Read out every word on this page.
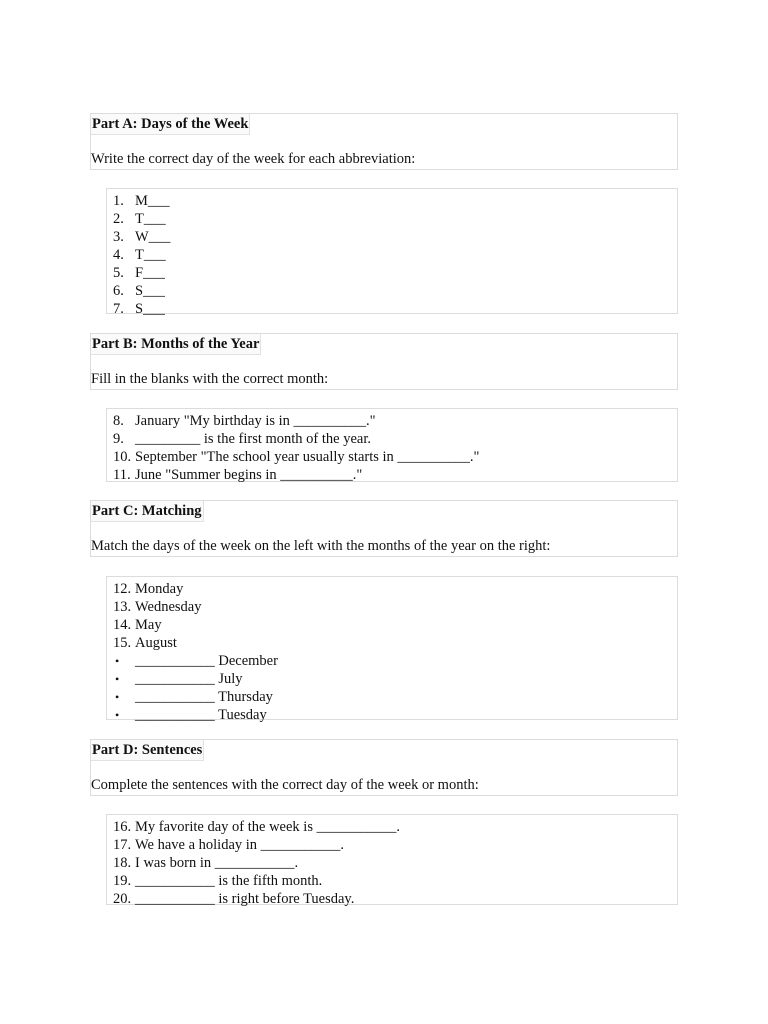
Part A: Days of the Week
Write the correct day of the week for each abbreviation:
1. M___
2. T___
3. W___
4. T___
5. F___
6. S___
7. S___
Part B: Months of the Year
Fill in the blanks with the correct month:
8. January "My birthday is in __________."
9. _________ is the first month of the year.
10. September "The school year usually starts in __________."
11. June "Summer begins in __________."
Part C: Matching
Match the days of the week on the left with the months of the year on the right:
12. Monday
13. Wednesday
14. May
15. August
• ___________ December
• ___________ July
• ___________ Thursday
• ___________ Tuesday
Part D: Sentences
Complete the sentences with the correct day of the week or month:
16. My favorite day of the week is ___________.
17. We have a holiday in ___________.
18. I was born in ___________.
19. ___________ is the fifth month.
20. ___________ is right before Tuesday.
